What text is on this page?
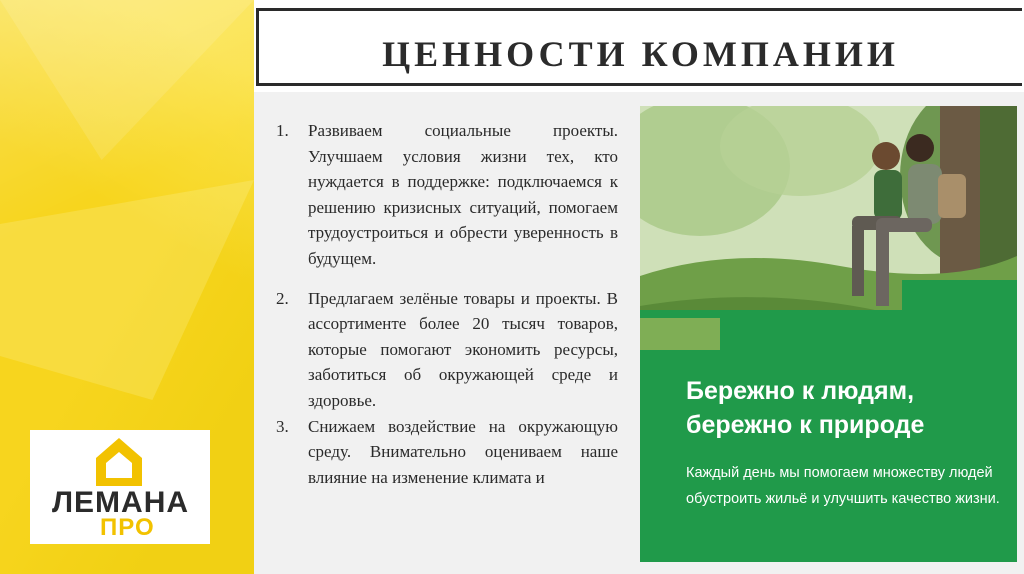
ЦЕННОСТИ КОМПАНИИ
1. Развиваем социальные проекты. Улучшаем условия жизни тех, кто нуждается в поддержке: подключаемся к решению кризисных ситуаций, помогаем трудоустроиться и обрести уверенность в будущем.
2. Предлагаем зелёные товары и проекты. В ассортименте более 20 тысяч товаров, которые помогают экономить ресурсы, заботиться об окружающей среде и здоровье.
3. Снижаем воздействие на окружающую среду. Внимательно оцениваем наше влияние на изменение климата и
Бережно к людям,
бережно к природе
Каждый день мы помогаем множеству людей обустроить жильё и улучшить качество жизни.
ЛЕМАНА
ПРО
